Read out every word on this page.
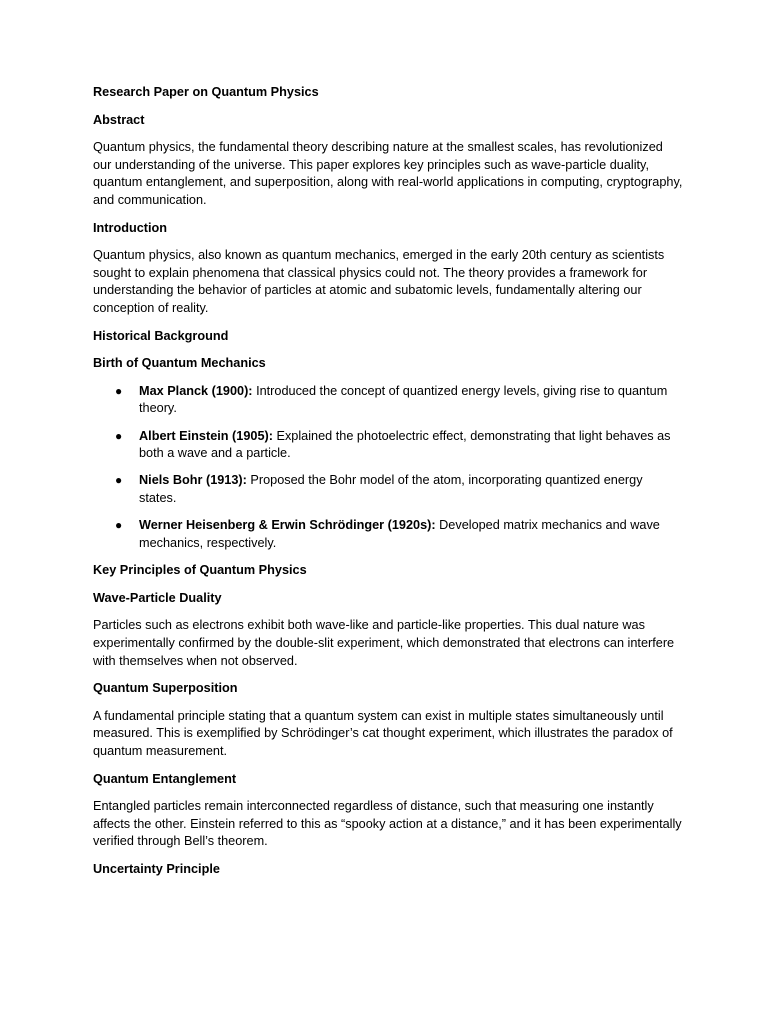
Research Paper on Quantum Physics

Abstract

Quantum physics, the fundamental theory describing nature at the smallest scales, has revolutionized our understanding of the universe. This paper explores key principles such as wave-particle duality, quantum entanglement, and superposition, along with real-world applications in computing, cryptography, and communication.

Introduction

Quantum physics, also known as quantum mechanics, emerged in the early 20th century as scientists sought to explain phenomena that classical physics could not. The theory provides a framework for understanding the behavior of particles at atomic and subatomic levels, fundamentally altering our conception of reality.

Historical Background

Birth of Quantum Mechanics

● Max Planck (1900): Introduced the concept of quantized energy levels, giving rise to quantum theory.
● Albert Einstein (1905): Explained the photoelectric effect, demonstrating that light behaves as both a wave and a particle.
● Niels Bohr (1913): Proposed the Bohr model of the atom, incorporating quantized energy states.
● Werner Heisenberg & Erwin Schrödinger (1920s): Developed matrix mechanics and wave mechanics, respectively.

Key Principles of Quantum Physics

Wave-Particle Duality

Particles such as electrons exhibit both wave-like and particle-like properties. This dual nature was experimentally confirmed by the double-slit experiment, which demonstrated that electrons can interfere with themselves when not observed.

Quantum Superposition

A fundamental principle stating that a quantum system can exist in multiple states simultaneously until measured. This is exemplified by Schrödinger’s cat thought experiment, which illustrates the paradox of quantum measurement.

Quantum Entanglement

Entangled particles remain interconnected regardless of distance, such that measuring one instantly affects the other. Einstein referred to this as “spooky action at a distance,” and it has been experimentally verified through Bell’s theorem.

Uncertainty Principle
